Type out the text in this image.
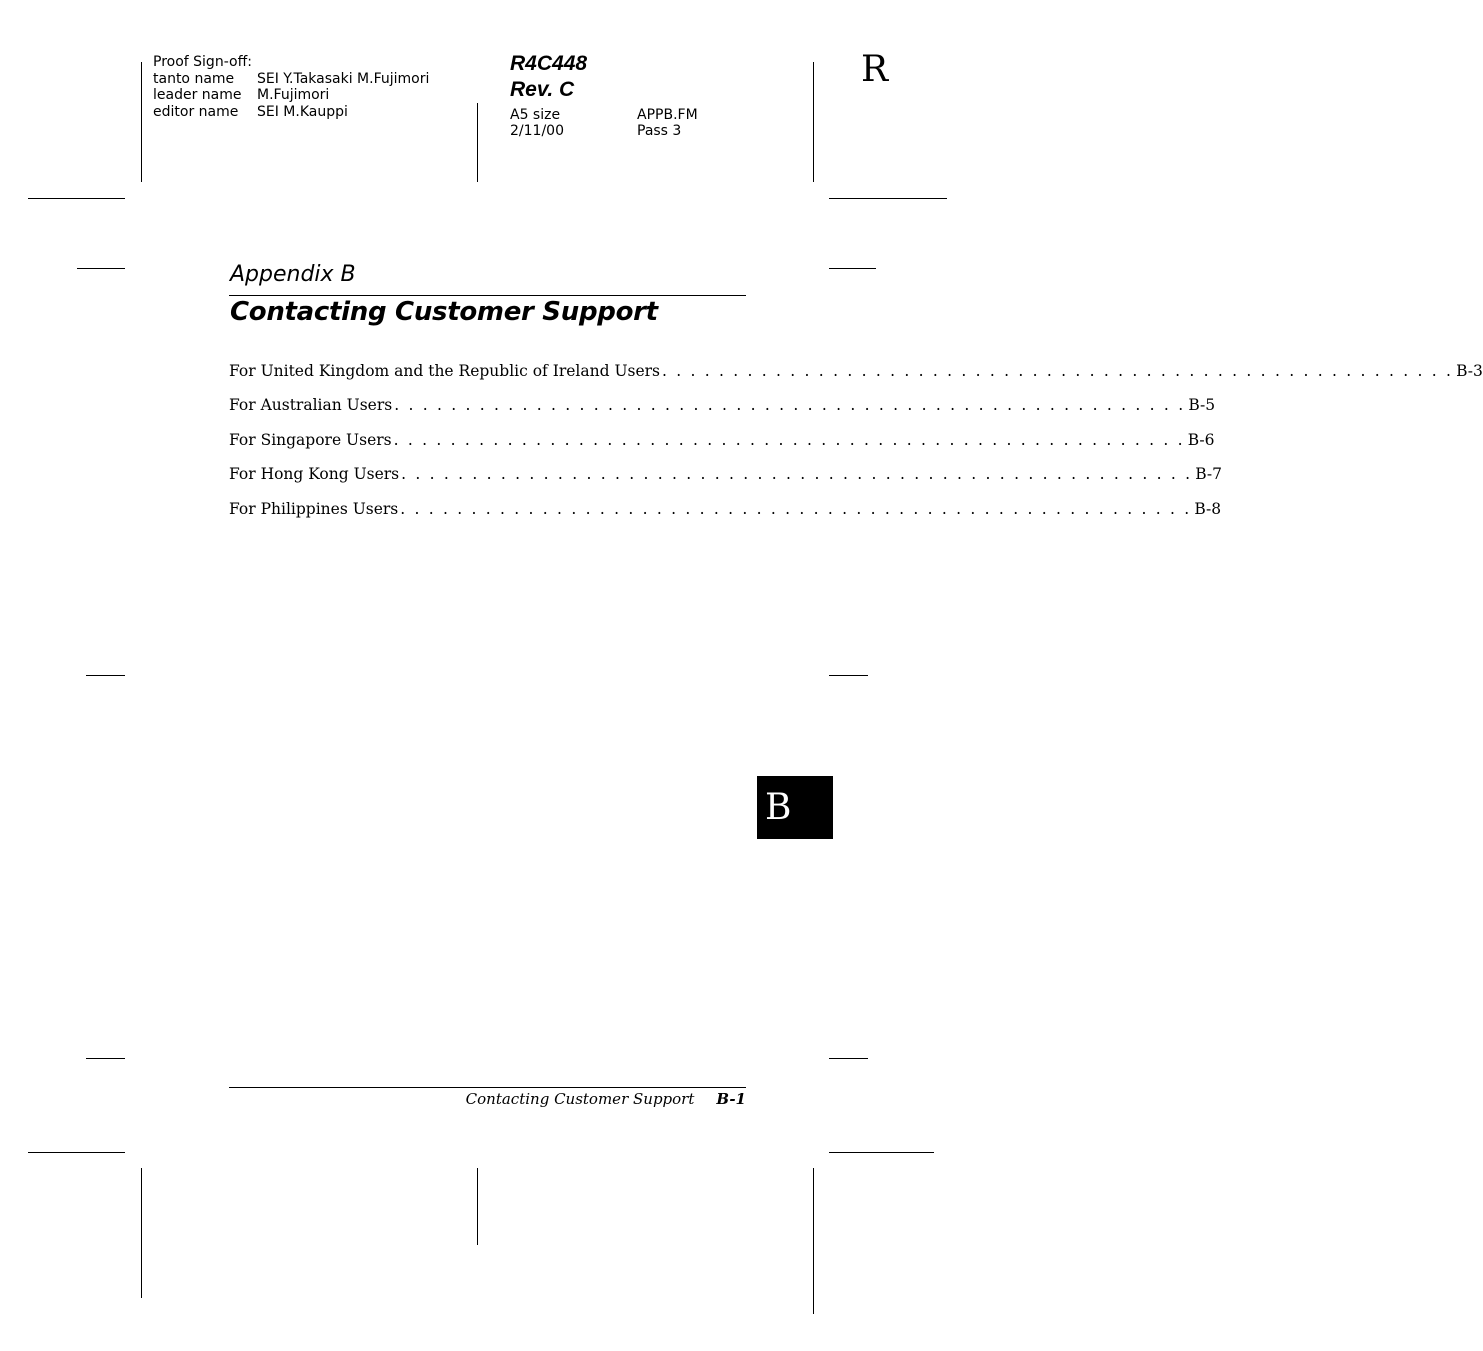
Proof Sign-off:
tanto name SEI Y.Takasaki M.Fujimori
leader name M.Fujimori
editor name SEI M.Kauppi
R4C448
Rev. C
A5 size	APPB.FM
2/11/00	Pass 3
R
Appendix B
Contacting Customer Support
For United Kingdom and the Republic of Ireland Users . . . . . . . . . . . . . . . . . . . . . . . . . . . . . . . . . . . . . . . . . . . . . . . . . . . . . . . . B-3
For Australian Users . . . . . . . . . . . . . . . . . . . . . . . . . . . . . . . . . . . . . . . . . . . . . . . . . . . . . . . . B-5
For Singapore Users . . . . . . . . . . . . . . . . . . . . . . . . . . . . . . . . . . . . . . . . . . . . . . . . . . . . . . . . B-6
For Hong Kong Users . . . . . . . . . . . . . . . . . . . . . . . . . . . . . . . . . . . . . . . . . . . . . . . . . . . . . . . . B-7
For Philippines Users . . . . . . . . . . . . . . . . . . . . . . . . . . . . . . . . . . . . . . . . . . . . . . . . . . . . . . . . B-8
B
Contacting Customer Support B-1
